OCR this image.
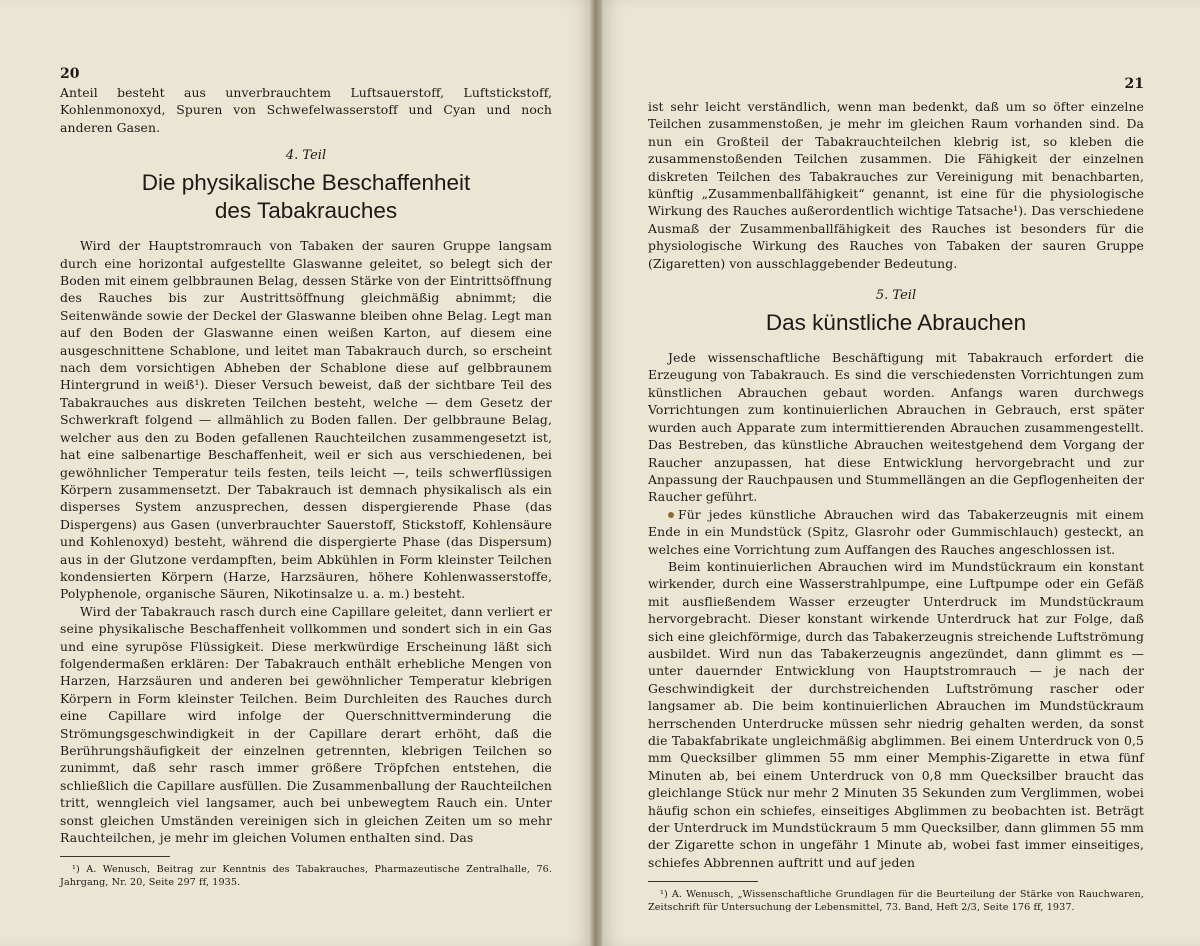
20

Anteil besteht aus unverbrauchtem Luftsauerstoff, Luftstickstoff, Kohlenmonoxyd, Spuren von Schwefelwasserstoff und Cyan und noch anderen Gasen.

4. Teil
Die physikalische Beschaffenheit
des Tabakrauches

Wird der Hauptstromrauch von Tabaken der sauren Gruppe langsam durch eine horizontal aufgestellte Glaswanne geleitet, so belegt sich der Boden mit einem gelbbraunen Belag, dessen Stärke von der Eintrittsöffnung des Rauches bis zur Austrittsöffnung gleichmäßig abnimmt; die Seitenwände sowie der Deckel der Glaswanne bleiben ohne Belag. Legt man auf den Boden der Glaswanne einen weißen Karton, auf diesem eine ausgeschnittene Schablone, und leitet man Tabakrauch durch, so erscheint nach dem vorsichtigen Abheben der Schablone diese auf gelbbraunem Hintergrund in weiß¹). Dieser Versuch beweist, daß der sichtbare Teil des Tabakrauches aus diskreten Teilchen besteht, welche — dem Gesetz der Schwerkraft folgend — allmählich zu Boden fallen. Der gelbbraune Belag, welcher aus den zu Boden gefallenen Rauchteilchen zusammengesetzt ist, hat eine salbenartige Beschaffenheit, weil er sich aus verschiedenen, bei gewöhnlicher Temperatur teils festen, teils leicht —, teils schwerflüssigen Körpern zusammensetzt. Der Tabakrauch ist demnach physikalisch als ein disperses System anzusprechen, dessen dispergierende Phase (das Dispergens) aus Gasen (unverbrauchter Sauerstoff, Stickstoff, Kohlensäure und Kohlenoxyd) besteht, während die dispergierte Phase (das Dispersum) aus in der Glutzone verdampften, beim Abkühlen in Form kleinster Teilchen kondensierten Körpern (Harze, Harzsäuren, höhere Kohlenwasserstoffe, Polyphenole, organische Säuren, Nikotinsalze u. a. m.) besteht.

Wird der Tabakrauch rasch durch eine Capillare geleitet, dann verliert er seine physikalische Beschaffenheit vollkommen und sondert sich in ein Gas und eine syrupöse Flüssigkeit. Diese merkwürdige Erscheinung läßt sich folgendermaßen erklären: Der Tabakrauch enthält erhebliche Mengen von Harzen, Harzsäuren und anderen bei gewöhnlicher Temperatur klebrigen Körpern in Form kleinster Teilchen. Beim Durchleiten des Rauches durch eine Capillare wird infolge der Querschnittverminderung die Strömungsgeschwindigkeit in der Capillare derart erhöht, daß die Berührungshäufigkeit der einzelnen getrennten, klebrigen Teilchen so zunimmt, daß sehr rasch immer größere Tröpfchen entstehen, die schließlich die Capillare ausfüllen. Die Zusammenballung der Rauchteilchen tritt, wenngleich viel langsamer, auch bei unbewegtem Rauch ein. Unter sonst gleichen Umständen vereinigen sich in gleichen Zeiten um so mehr Rauchteilchen, je mehr im gleichen Volumen enthalten sind. Das

¹) A. Wenusch, Beitrag zur Kenntnis des Tabakrauches, Pharmazeutische Zentralhalle, 76. Jahrgang, Nr. 20, Seite 297 ff, 1935.

21

ist sehr leicht verständlich, wenn man bedenkt, daß um so öfter einzelne Teilchen zusammenstoßen, je mehr im gleichen Raum vorhanden sind. Da nun ein Großteil der Tabakrauchteilchen klebrig ist, so kleben die zusammenstoßenden Teilchen zusammen. Die Fähigkeit der einzelnen diskreten Teilchen des Tabakrauches zur Vereinigung mit benachbarten, künftig „Zusammenballfähigkeit“ genannt, ist eine für die physiologische Wirkung des Rauches außerordentlich wichtige Tatsache¹). Das verschiedene Ausmaß der Zusammenballfähigkeit des Rauches ist besonders für die physiologische Wirkung des Rauches von Tabaken der sauren Gruppe (Zigaretten) von ausschlaggebender Bedeutung.

5. Teil
Das künstliche Abrauchen

Jede wissenschaftliche Beschäftigung mit Tabakrauch erfordert die Erzeugung von Tabakrauch. Es sind die verschiedensten Vorrichtungen zum künstlichen Abrauchen gebaut worden. Anfangs waren durchwegs Vorrichtungen zum kontinuierlichen Abrauchen in Gebrauch, erst später wurden auch Apparate zum intermittierenden Abrauchen zusammengestellt. Das Bestreben, das künstliche Abrauchen weitestgehend dem Vorgang der Raucher anzupassen, hat diese Entwicklung hervorgebracht und zur Anpassung der Rauchpausen und Stummellängen an die Gepflogenheiten der Raucher geführt.

Für jedes künstliche Abrauchen wird das Tabakerzeugnis mit einem Ende in ein Mundstück (Spitz, Glasrohr oder Gummischlauch) gesteckt, an welches eine Vorrichtung zum Auffangen des Rauches angeschlossen ist.

Beim kontinuierlichen Abrauchen wird im Mundstückraum ein konstant wirkender, durch eine Wasserstrahlpumpe, eine Luftpumpe oder ein Gefäß mit ausfließendem Wasser erzeugter Unterdruck im Mundstückraum hervorgebracht. Dieser konstant wirkende Unterdruck hat zur Folge, daß sich eine gleichförmige, durch das Tabakerzeugnis streichende Luftströmung ausbildet. Wird nun das Tabakerzeugnis angezündet, dann glimmt es — unter dauernder Entwicklung von Hauptstromrauch — je nach der Geschwindigkeit der durchstreichenden Luftströmung rascher oder langsamer ab. Die beim kontinuierlichen Abrauchen im Mundstückraum herrschenden Unterdrucke müssen sehr niedrig gehalten werden, da sonst die Tabakfabrikate ungleichmäßig abglimmen. Bei einem Unterdruck von 0,5 mm Quecksilber glimmen 55 mm einer Memphis-Zigarette in etwa fünf Minuten ab, bei einem Unterdruck von 0,8 mm Quecksilber braucht das gleichlange Stück nur mehr 2 Minuten 35 Sekunden zum Verglimmen, wobei häufig schon ein schiefes, einseitiges Abglimmen zu beobachten ist. Beträgt der Unterdruck im Mundstückraum 5 mm Quecksilber, dann glimmen 55 mm der Zigarette schon in ungefähr 1 Minute ab, wobei fast immer einseitiges, schiefes Abbrennen auftritt und auf jeden

¹) A. Wenusch, „Wissenschaftliche Grundlagen für die Beurteilung der Stärke von Rauchwaren, Zeitschrift für Untersuchung der Lebensmittel, 73. Band, Heft 2/3, Seite 176 ff, 1937.
